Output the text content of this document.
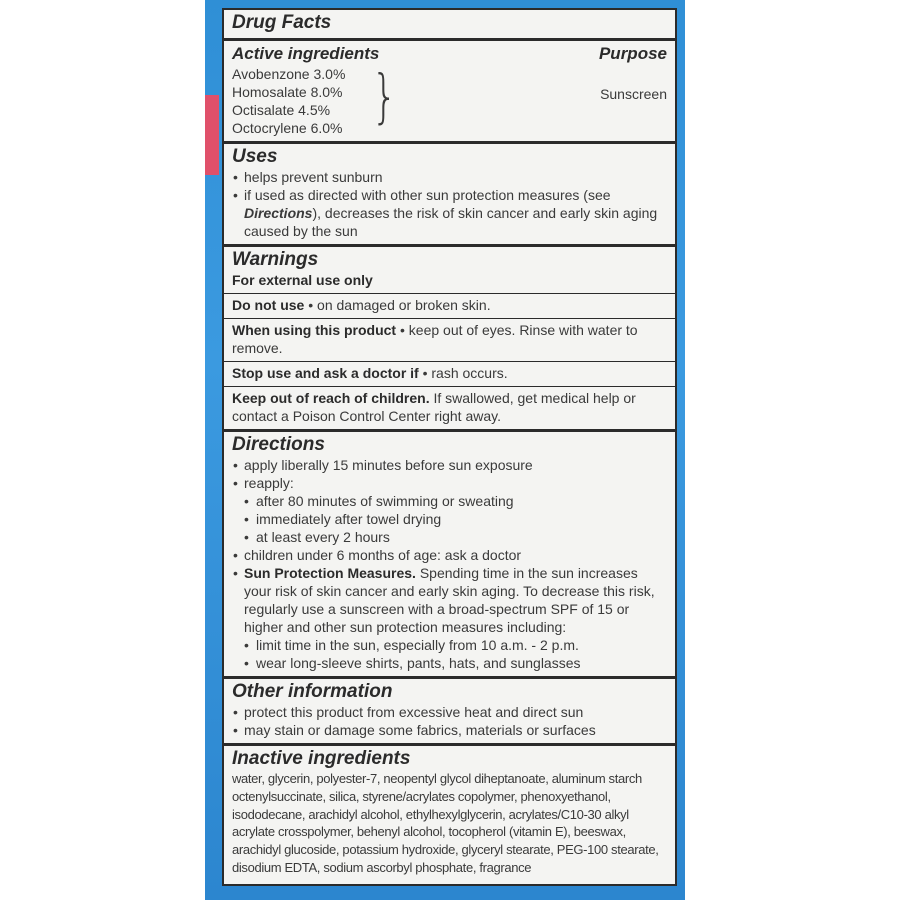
Drug Facts
Active ingredients	Purpose
Avobenzone 3.0%
Homosalate 8.0%
Octisalate 4.5%
Octocrylene 6.0% }	Sunscreen
Uses
• helps prevent sunburn
• if used as directed with other sun protection measures (see Directions), decreases the risk of skin cancer and early skin aging caused by the sun
Warnings
For external use only
Do not use • on damaged or broken skin.
When using this product • keep out of eyes. Rinse with water to remove.
Stop use and ask a doctor if • rash occurs.
Keep out of reach of children. If swallowed, get medical help or contact a Poison Control Center right away.
Directions
• apply liberally 15 minutes before sun exposure
• reapply:
• after 80 minutes of swimming or sweating
• immediately after towel drying
• at least every 2 hours
• children under 6 months of age: ask a doctor
• Sun Protection Measures. Spending time in the sun increases your risk of skin cancer and early skin aging. To decrease this risk, regularly use a sunscreen with a broad-spectrum SPF of 15 or higher and other sun protection measures including:
• limit time in the sun, especially from 10 a.m. - 2 p.m.
• wear long-sleeve shirts, pants, hats, and sunglasses
Other information
• protect this product from excessive heat and direct sun
• may stain or damage some fabrics, materials or surfaces
Inactive ingredients
water, glycerin, polyester-7, neopentyl glycol diheptanoate, aluminum starch octenylsuccinate, silica, styrene/acrylates copolymer, phenoxyethanol, isododecane, arachidyl alcohol, ethylhexylglycerin, acrylates/C10-30 alkyl acrylate crosspolymer, behenyl alcohol, tocopherol (vitamin E), beeswax, arachidyl glucoside, potassium hydroxide, glyceryl stearate, PEG-100 stearate, disodium EDTA, sodium ascorbyl phosphate, fragrance
